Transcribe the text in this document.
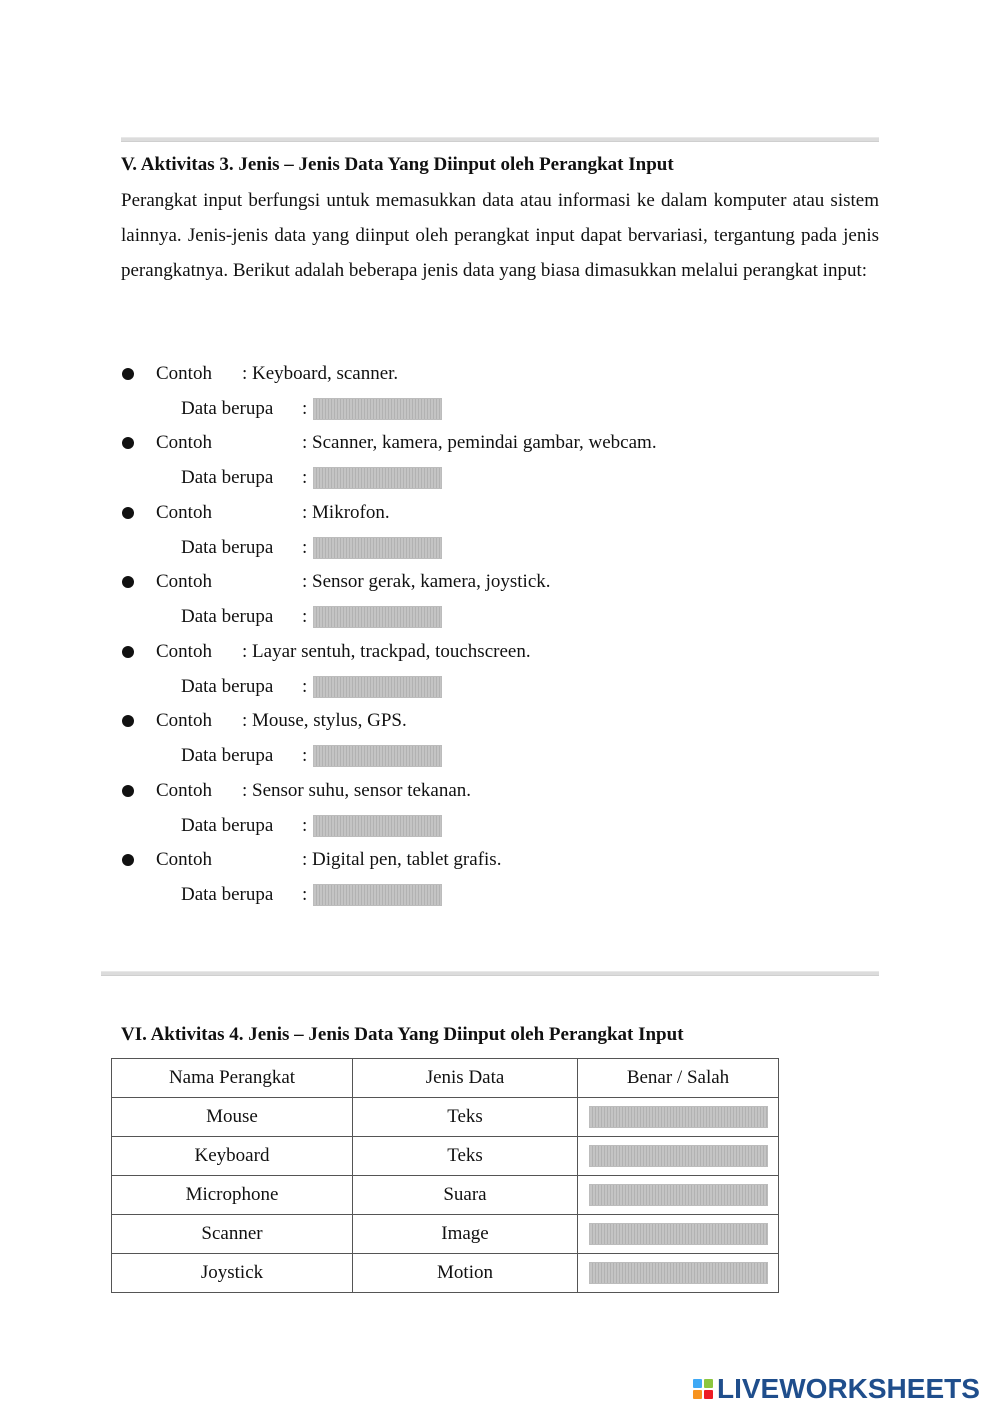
V. Aktivitas 3. Jenis – Jenis Data Yang Diinput oleh Perangkat Input

Perangkat input berfungsi untuk memasukkan data atau informasi ke dalam komputer atau sistem lainnya. Jenis-jenis data yang diinput oleh perangkat input dapat bervariasi, tergantung pada jenis perangkatnya. Berikut adalah beberapa jenis data yang biasa dimasukkan melalui perangkat input:

Contoh : Keyboard, scanner.
Data berupa :
Contoh	: Scanner, kamera, pemindai gambar, webcam.
Data berupa :
Contoh	: Mikrofon.
Data berupa :
Contoh	: Sensor gerak, kamera, joystick.
Data berupa :
Contoh : Layar sentuh, trackpad, touchscreen.
Data berupa :
Contoh : Mouse, stylus, GPS.
Data berupa :
Contoh : Sensor suhu, sensor tekanan.
Data berupa :
Contoh	: Digital pen, tablet grafis.
Data berupa :
VI. Aktivitas 4. Jenis – Jenis Data Yang Diinput oleh Perangkat Input
Nama Perangkat	Jenis Data	Benar / Salah
Mouse	Teks	
Keyboard	Teks	
Microphone	Suara	
Scanner	Image	
Joystick	Motion	
LIVEWORKSHEETS
